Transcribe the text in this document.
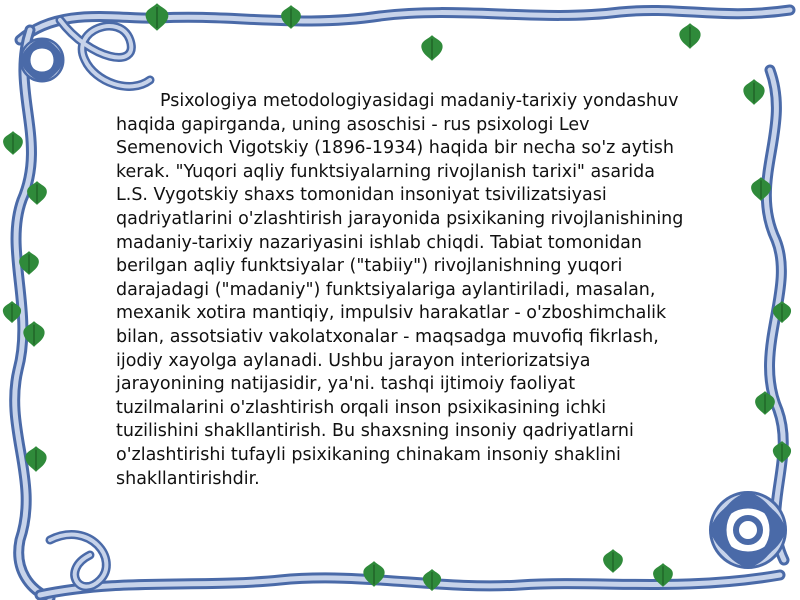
Psixologiya metodologiyasidagi madaniy-tarixiy yondashuv haqida gapirganda, uning asoschisi - rus psixologi Lev Semenovich Vigotskiy (1896-1934) haqida bir necha so'z aytish kerak. "Yuqori aqliy funktsiyalarning rivojlanish tarixi" asarida L.S. Vygotskiy shaxs tomonidan insoniyat tsivilizatsiyasi qadriyatlarini o'zlashtirish jarayonida psixikaning rivojlanishining madaniy-tarixiy nazariyasini ishlab chiqdi. Tabiat tomonidan berilgan aqliy funktsiyalar ("tabiiy") rivojlanishning yuqori darajadagi ("madaniy") funktsiyalariga aylantiriladi, masalan, mexanik xotira mantiqiy, impulsiv harakatlar - o'zboshimchalik bilan, assotsiativ vakolatxonalar - maqsadga muvofiq fikrlash, ijodiy xayolga aylanadi. Ushbu jarayon interiorizatsiya jarayonining natijasidir, ya'ni. tashqi ijtimoiy faoliyat tuzilmalarini o'zlashtirish orqali inson psixikasining ichki tuzilishini shakllantirish. Bu shaxsning insoniy qadriyatlarni o'zlashtirishi tufayli psixikaning chinakam insoniy shaklini shakllantirishdir.
